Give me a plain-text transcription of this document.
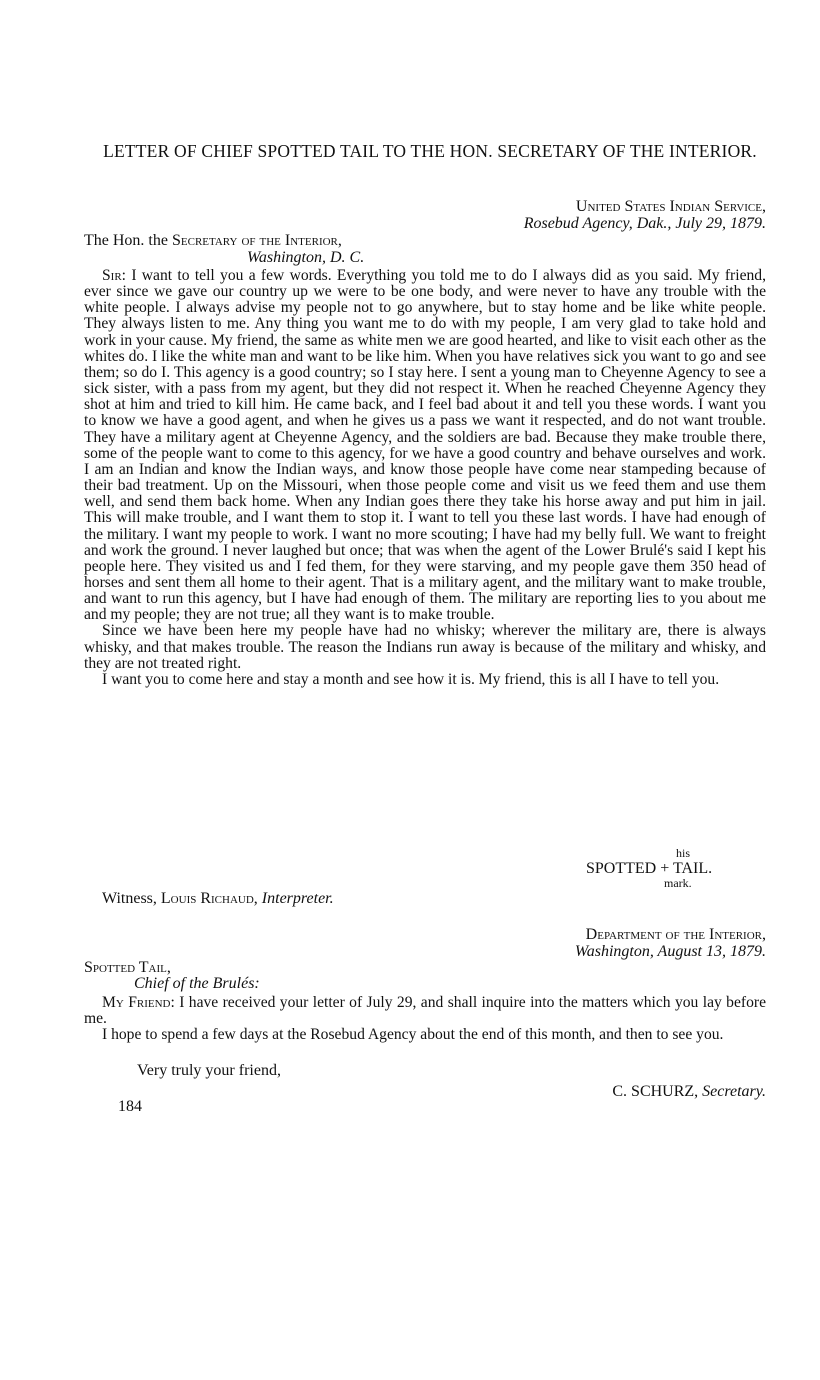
LETTER OF CHIEF SPOTTED TAIL TO THE HON. SECRETARY OF THE INTERIOR.
United States Indian Service,
Rosebud Agency, Dak., July 29, 1879.
The Hon. the Secretary of the Interior,
Washington, D. C.

Sir: I want to tell you a few words. Everything you told me to do I always did as you said. My friend, ever since we gave our country up we were to be one body, and were never to have any trouble with the white people. I always advise my people not to go anywhere, but to stay home and be like white people. They always listen to me. Any thing you want me to do with my people, I am very glad to take hold and work in your cause. My friend, the same as white men we are good hearted, and like to visit each other as the whites do. I like the white man and want to be like him. When you have relatives sick you want to go and see them; so do I. This agency is a good country; so I stay here. I sent a young man to Cheyenne Agency to see a sick sister, with a pass from my agent, but they did not respect it. When he reached Cheyenne Agency they shot at him and tried to kill him. He came back, and I feel bad about it and tell you these words. I want you to know we have a good agent, and when he gives us a pass we want it respected, and do not want trouble. They have a military agent at Cheyenne Agency, and the soldiers are bad. Because they make trouble there, some of the people want to come to this agency, for we have a good country and behave ourselves and work. I am an Indian and know the Indian ways, and know those people have come near stampeding because of their bad treatment. Up on the Missouri, when those people come and visit us we feed them and use them well, and send them back home. When any Indian goes there they take his horse away and put him in jail. This will make trouble, and I want them to stop it. I want to tell you these last words. I have had enough of the military. I want my people to work. I want no more scouting; I have had my belly full. We want to freight and work the ground. I never laughed but once; that was when the agent of the Lower Brulé's said I kept his people here. They visited us and I fed them, for they were starving, and my people gave them 350 head of horses and sent them all home to their agent. That is a military agent, and the military want to make trouble, and want to run this agency, but I have had enough of them. The military are reporting lies to you about me and my people; they are not true; all they want is to make trouble.

Since we have been here my people have had no whisky; wherever the military are, there is always whisky, and that makes trouble. The reason the Indians run away is because of the military and whisky, and they are not treated right.

I want you to come here and stay a month and see how it is. My friend, this is all I have to tell you.

his
SPOTTED + TAIL.
mark.
Witness, Louis Richaud, Interpreter.
Department of the Interior,
Washington, August 13, 1879.
Spotted Tail,
Chief of the Brulés:

My Friend: I have received your letter of July 29, and shall inquire into the matters which you lay before me.

I hope to spend a few days at the Rosebud Agency about the end of this month, and then to see you.

Very truly your friend,
C. SCHURZ, Secretary.
184
